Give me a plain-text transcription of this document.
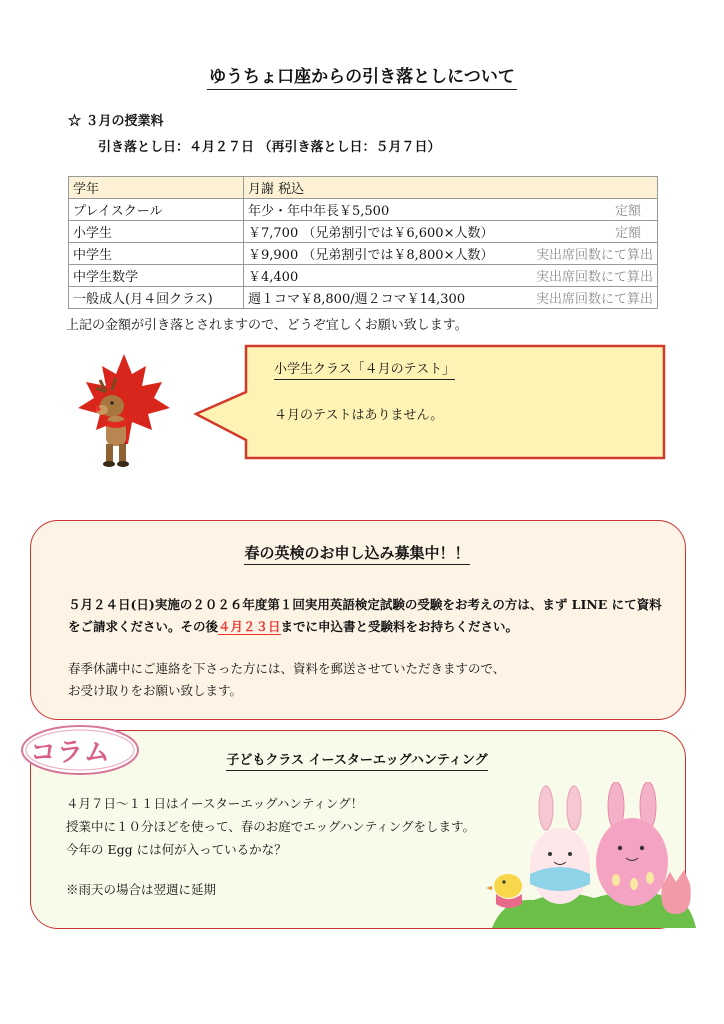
ゆうちょ口座からの引き落としについて
☆ ３月の授業料
引き落とし日：４月２７日 （再引き落とし日：５月７日）
学年	月謝 税込
プレイスクール	年少・年中年長￥5,500 定額

小学生	￥7,700 （兄弟割引では￥6,600×人数） 定額

中学生	￥9,900 （兄弟割引では￥8,800×人数） 実出席回数にて算出

中学生数学	￥4,400 実出席回数にて算出

一般成人(月４回クラス)	週１コマ￥8,800/週２コマ￥14,300 実出席回数にて算出
上記の金額が引き落とされますので、どうぞ宜しくお願い致します。
小学生クラス「４月のテスト」
４月のテストはありません。
春の英検のお申し込み募集中！！
５月２４日(日)実施の２０２６年度第１回実用英語検定試験の受験をお考えの方は、まず LINE にて資料
をご請求ください。その後４月２３日までに申込書と受験料をお持ちください。
春季休講中にご連絡を下さった方には、資料を郵送させていただきますので、
お受け取りをお願い致します。
コラム	子どもクラス イースターエッグハンティング
４月７日～１１日はイースターエッグハンティング！
授業中に１０分ほどを使って、春のお庭でエッグハンティングをします。
今年の Egg には何が入っているかな？
※雨天の場合は翌週に延期
